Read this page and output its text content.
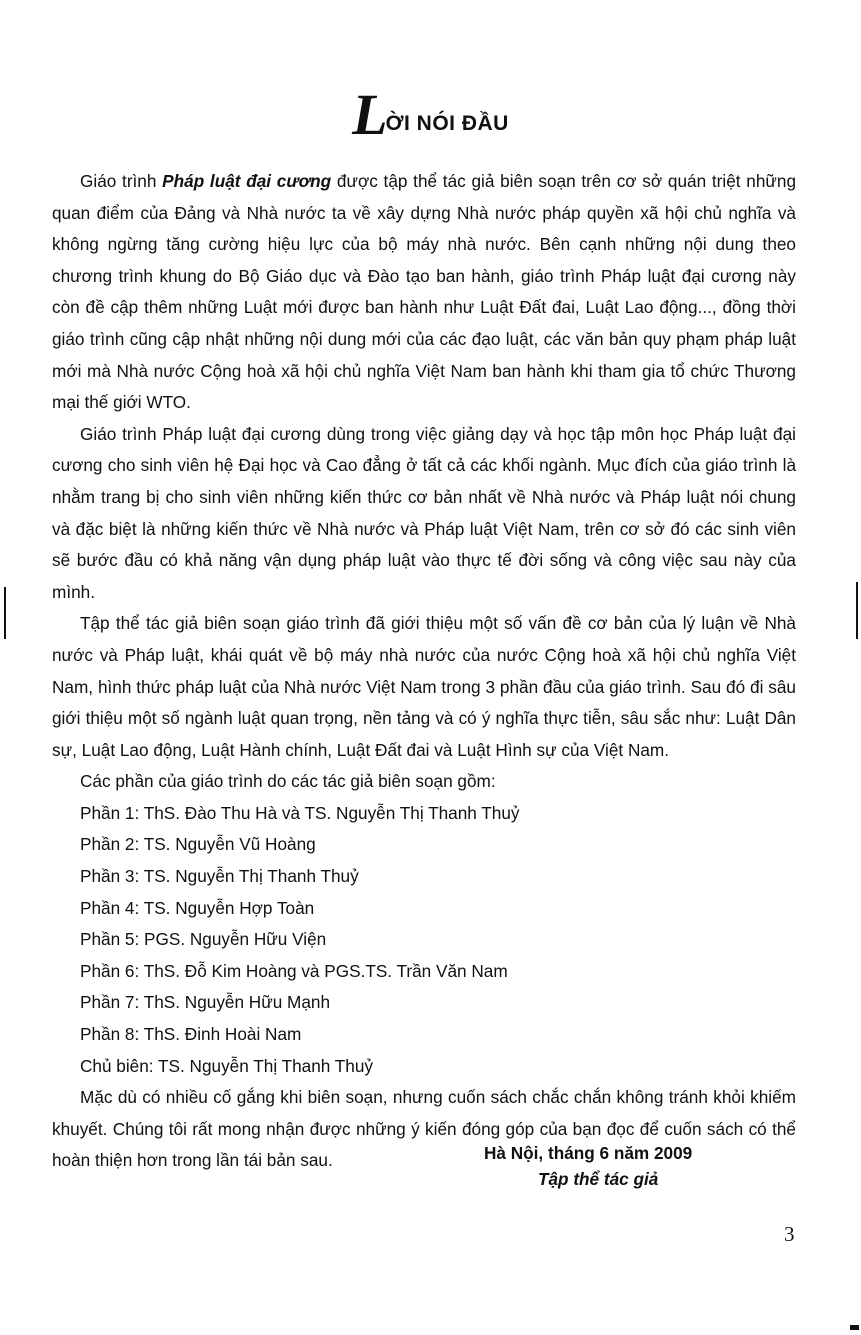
LỜI NÓI ĐẦU

Giáo trình Pháp luật đại cương được tập thể tác giả biên soạn trên cơ sở quán triệt những quan điểm của Đảng và Nhà nước ta về xây dựng Nhà nước pháp quyền xã hội chủ nghĩa và không ngừng tăng cường hiệu lực của bộ máy nhà nước. Bên cạnh những nội dung theo chương trình khung do Bộ Giáo dục và Đào tạo ban hành, giáo trình Pháp luật đại cương này còn đề cập thêm những Luật mới được ban hành như Luật Đất đai, Luật Lao động..., đồng thời giáo trình cũng cập nhật những nội dung mới của các đạo luật, các văn bản quy phạm pháp luật mới mà Nhà nước Cộng hoà xã hội chủ nghĩa Việt Nam ban hành khi tham gia tổ chức Thương mại thế giới WTO.

Giáo trình Pháp luật đại cương dùng trong việc giảng dạy và học tập môn học Pháp luật đại cương cho sinh viên hệ Đại học và Cao đẳng ở tất cả các khối ngành. Mục đích của giáo trình là nhằm trang bị cho sinh viên những kiến thức cơ bản nhất về Nhà nước và Pháp luật nói chung và đặc biệt là những kiến thức về Nhà nước và Pháp luật Việt Nam, trên cơ sở đó các sinh viên sẽ bước đầu có khả năng vận dụng pháp luật vào thực tế đời sống và công việc sau này của mình.

Tập thể tác giả biên soạn giáo trình đã giới thiệu một số vấn đề cơ bản của lý luận về Nhà nước và Pháp luật, khái quát về bộ máy nhà nước của nước Cộng hoà xã hội chủ nghĩa Việt Nam, hình thức pháp luật của Nhà nước Việt Nam trong 3 phần đầu của giáo trình. Sau đó đi sâu giới thiệu một số ngành luật quan trọng, nền tảng và có ý nghĩa thực tiễn, sâu sắc như: Luật Dân sự, Luật Lao động, Luật Hành chính, Luật Đất đai và Luật Hình sự của Việt Nam.

Các phần của giáo trình do các tác giả biên soạn gồm:

Phần 1: ThS. Đào Thu Hà và TS. Nguyễn Thị Thanh Thuỷ
Phần 2: TS. Nguyễn Vũ Hoàng
Phần 3: TS. Nguyễn Thị Thanh Thuỷ
Phần 4: TS. Nguyễn Hợp Toàn
Phần 5: PGS. Nguyễn Hữu Viện
Phần 6: ThS. Đỗ Kim Hoàng và PGS.TS. Trần Văn Nam
Phần 7: ThS. Nguyễn Hữu Mạnh
Phần 8: ThS. Đinh Hoài Nam
Chủ biên: TS. Nguyễn Thị Thanh Thuỷ

Mặc dù có nhiều cố gắng khi biên soạn, nhưng cuốn sách chắc chắn không tránh khỏi khiếm khuyết. Chúng tôi rất mong nhận được những ý kiến đóng góp của bạn đọc để cuốn sách có thể hoàn thiện hơn trong lần tái bản sau.	Hà Nội, tháng 6 năm 2009
Tập thể tác giả
3
